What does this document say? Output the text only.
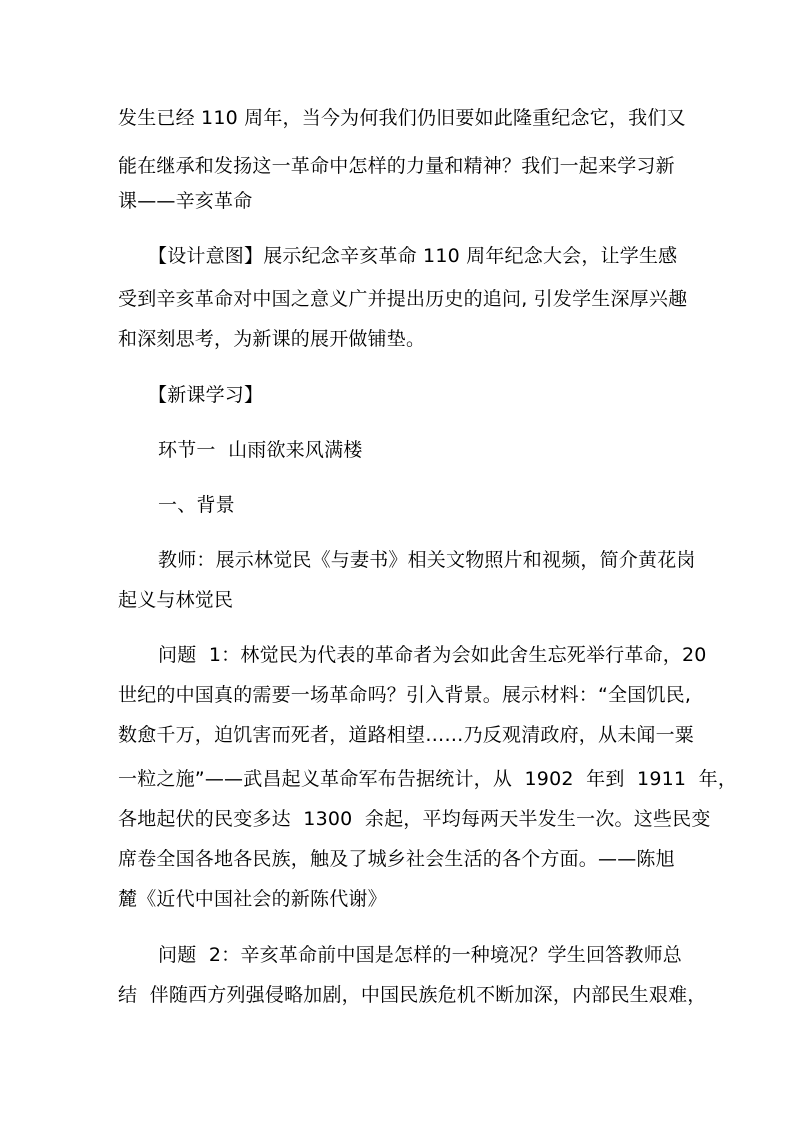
发生已经 110 周年，当今为何我们仍旧要如此隆重纪念它，我们又
能在继承和发扬这一革命中怎样的力量和精神？我们一起来学习新
课——辛亥革命
【设计意图】展示纪念辛亥革命 110 周年纪念大会，让学生感
受到辛亥革命对中国之意义广并提出历史的追问, 引发学生深厚兴趣
和深刻思考，为新课的展开做铺垫。
【新课学习】
环节一  山雨欲来风满楼
一、背景
教师：展示林觉民《与妻书》相关文物照片和视频，简介黄花岗
起义与林觉民
问题  1：林觉民为代表的革命者为会如此舍生忘死举行革命，20
世纪的中国真的需要一场革命吗？引入背景。展示材料：“全国饥民,
数愈千万，迫饥害而死者，道路相望……乃反观清政府，从未闻一粟
一粒之施”——武昌起义革命军布告据统计，从  1902  年到  1911  年，
各地起伏的民变多达  1300  余起，平均每两天半发生一次。这些民变
席卷全国各地各民族，触及了城乡社会生活的各个方面。——陈旭
麓《近代中国社会的新陈代谢》
问题  2：辛亥革命前中国是怎样的一种境况？学生回答教师总
结  伴随西方列强侵略加剧，中国民族危机不断加深，内部民生艰难，
